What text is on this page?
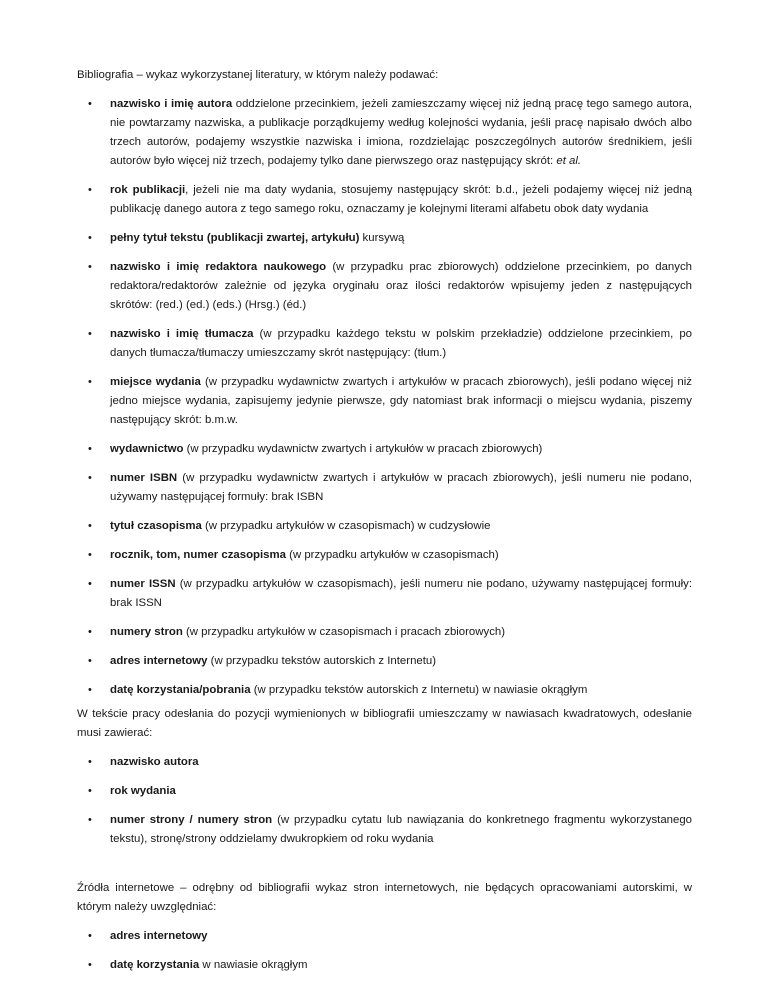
Bibliografia – wykaz wykorzystanej literatury, w którym należy podawać:

• nazwisko i imię autora oddzielone przecinkiem, jeżeli zamieszczamy więcej niż jedną pracę tego samego autora, nie powtarzamy nazwiska, a publikacje porządkujemy według kolejności wydania, jeśli pracę napisało dwóch albo trzech autorów, podajemy wszystkie nazwiska i imiona, rozdzielając poszczególnych autorów średnikiem, jeśli autorów było więcej niż trzech, podajemy tylko dane pierwszego oraz następujący skrót: et al.
• rok publikacji, jeżeli nie ma daty wydania, stosujemy następujący skrót: b.d., jeżeli podajemy więcej niż jedną publikację danego autora z tego samego roku, oznaczamy je kolejnymi literami alfabetu obok daty wydania
• pełny tytuł tekstu (publikacji zwartej, artykułu) kursywą
• nazwisko i imię redaktora naukowego (w przypadku prac zbiorowych) oddzielone przecinkiem, po danych redaktora/redaktorów zależnie od języka oryginału oraz ilości redaktorów wpisujemy jeden z następujących skrótów: (red.) (ed.) (eds.) (Hrsg.) (éd.)
• nazwisko i imię tłumacza (w przypadku każdego tekstu w polskim przekładzie) oddzielone przecinkiem, po danych tłumacza/tłumaczy umieszczamy skrót następujący: (tłum.)
• miejsce wydania (w przypadku wydawnictw zwartych i artykułów w pracach zbiorowych), jeśli podano więcej niż jedno miejsce wydania, zapisujemy jedynie pierwsze, gdy natomiast brak informacji o miejscu wydania, piszemy następujący skrót: b.m.w.
• wydawnictwo (w przypadku wydawnictw zwartych i artykułów w pracach zbiorowych)
• numer ISBN (w przypadku wydawnictw zwartych i artykułów w pracach zbiorowych), jeśli numeru nie podano, używamy następującej formuły: brak ISBN
• tytuł czasopisma (w przypadku artykułów w czasopismach) w cudzysłowie
• rocznik, tom, numer czasopisma (w przypadku artykułów w czasopismach)
• numer ISSN (w przypadku artykułów w czasopismach), jeśli numeru nie podano, używamy następującej formuły: brak ISSN
• numery stron (w przypadku artykułów w czasopismach i pracach zbiorowych)
• adres internetowy (w przypadku tekstów autorskich z Internetu)
• datę korzystania/pobrania (w przypadku tekstów autorskich z Internetu) w nawiasie okrągłym

W tekście pracy odesłania do pozycji wymienionych w bibliografii umieszczamy w nawiasach kwadratowych, odesłanie musi zawierać:

• nazwisko autora
• rok wydania
• numer strony / numery stron (w przypadku cytatu lub nawiązania do konkretnego fragmentu wykorzystanego tekstu), stronę/strony oddzielamy dwukropkiem od roku wydania

Źródła internetowe – odrębny od bibliografii wykaz stron internetowych, nie będących opracowaniami autorskimi, w którym należy uwzględniać:

• adres internetowy
• datę korzystania w nawiasie okrągłym
